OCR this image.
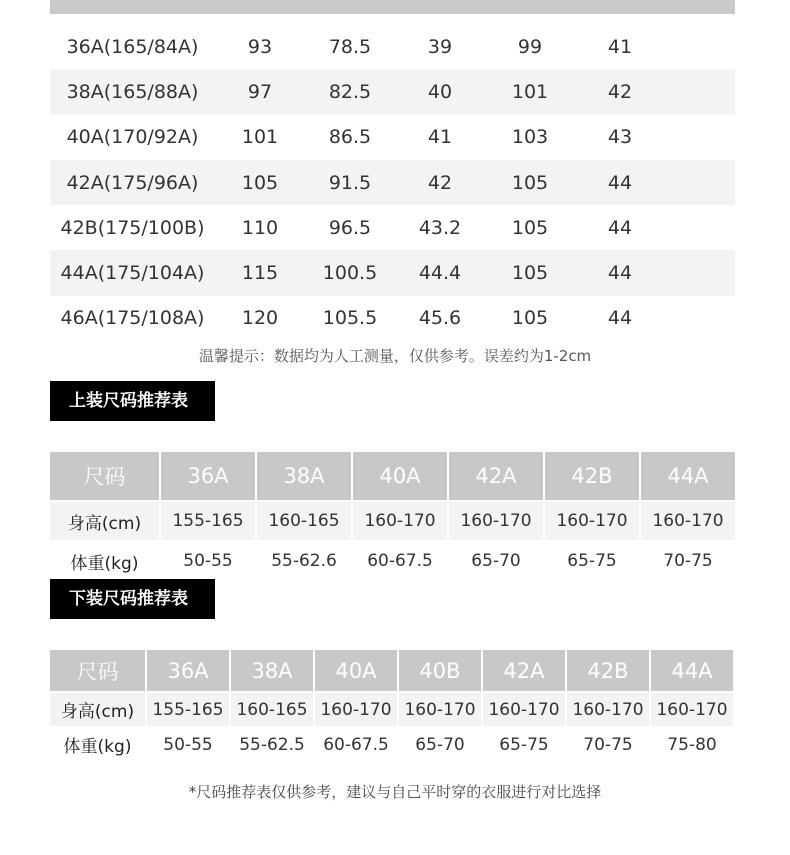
36A(165/84A)	93	78.5	39	99	41
38A(165/88A)	97	82.5	40	101	42
40A(170/92A)	101	86.5	41	103	43
42A(175/96A)	105	91.5	42	105	44
42B(175/100B)	110	96.5	43.2	105	44
44A(175/104A)	115	100.5	44.4	105	44
46A(175/108A)	120	105.5	45.6	105	44
温馨提示：数据均为人工测量，仅供参考。误差约为1-2cm
上装尺码推荐表
尺码	36A	38A	40A	42A	42B	44A
身高(cm)	155-165	160-165	160-170	160-170	160-170	160-170
体重(kg)	50-55	55-62.6	60-67.5	65-70	65-75	70-75
下装尺码推荐表
尺码	36A	38A	40A	40B	42A	42B	44A
身高(cm)	155-165 160-165 160-170 160-170 160-170 160-170 160-170
体重(kg)	50-55	55-62.5	60-67.5	65-70	65-75	70-75	75-80
*尺码推荐表仅供参考，建议与自己平时穿的衣服进行对比选择
